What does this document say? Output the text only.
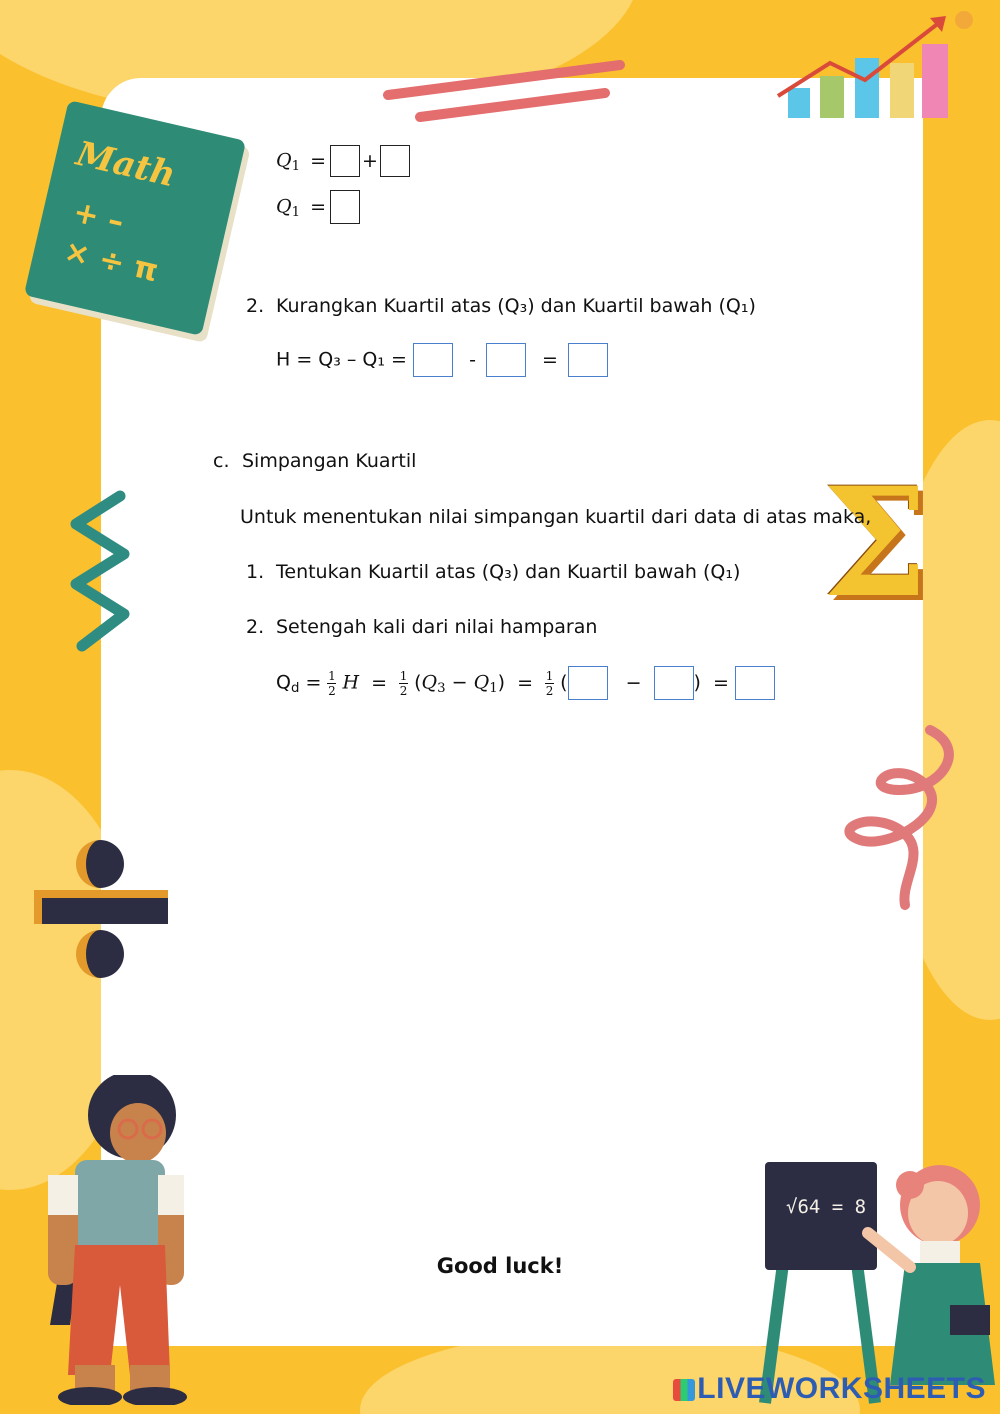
Math
+ –
× ÷ π
Σ
√64 = 8
$Q_1$ = +
$Q_1$ =
2. Kurangkan Kuartil atas (Q₃) dan Kuartil bawah (Q₁)
H = Q₃ – Q₁ =	-	=
c. Simpangan Kuartil
Untuk menentukan nilai simpangan kuartil dari data di atas maka,
1. Tentukan Kuartil atas (Q₃) dan Kuartil bawah (Q₁)
2. Setengah kali dari nilai hamparan
$Q_d = \frac{1}{2}$ $H = \frac{1}{2} (Q_3 - Q_1) = \frac{1}{2}$ (	−	) =
Good luck!
LIVEWORKSHEETS
